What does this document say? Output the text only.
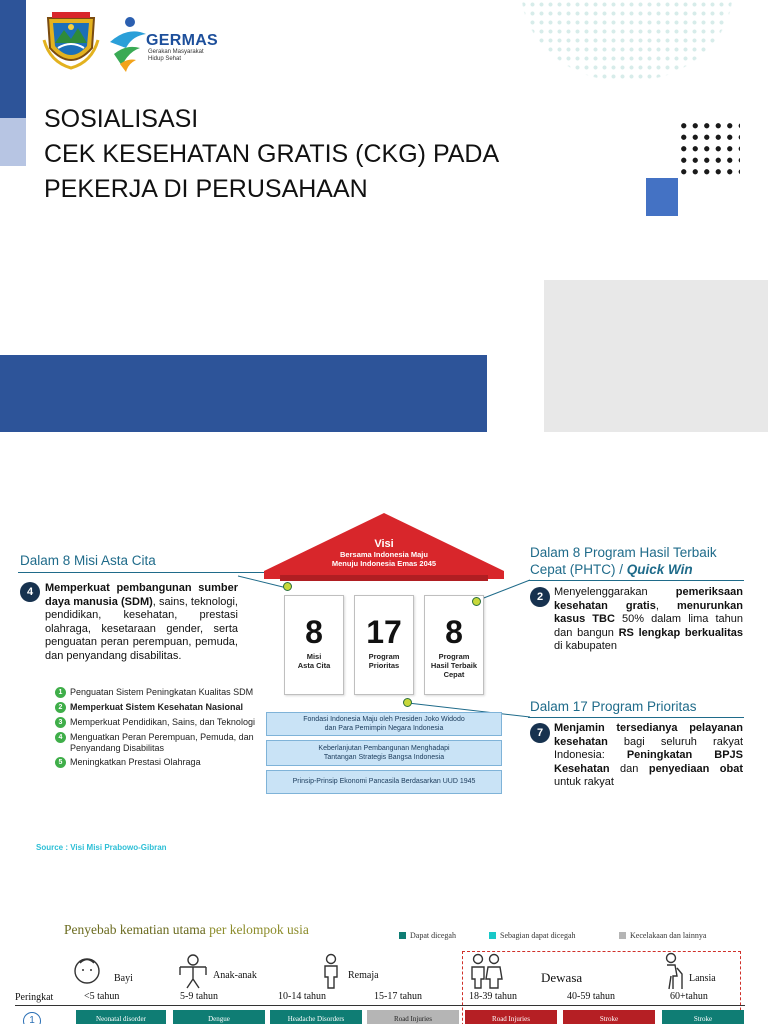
GERMAS
Gerakan Masyarakat
Hidup Sehat
SOSIALISASI
CEK KESEHATAN GRATIS (CKG) PADA
PEKERJA DI PERUSAHAAN
Dalam 8 Misi Asta Cita
4	Memperkuat pembangunan sumber daya manusia (SDM), sains, teknologi, pendidikan, kesehatan, prestasi olahraga, kesetaraan gender, serta penguatan peran perempuan, pemuda, dan penyandang disabilitas.
1 Penguatan Sistem Peningkatan Kualitas SDM
2 Memperkuat Sistem Kesehatan Nasional
3 Memperkuat Pendidikan, Sains, dan Teknologi
4 Menguatkan Peran Perempuan, Pemuda, dan Penyandang Disabilitas
5 Meningkatkan Prestasi Olahraga
Source : Visi Misi Prabowo-Gibran
Visi
Bersama Indonesia Maju
Menuju Indonesia Emas 2045
8
Misi
Asta Cita
17
Program
Prioritas
8
Program
Hasil Terbaik
Cepat
Fondasi Indonesia Maju oleh Presiden Joko Widodo
dan Para Pemimpin Negara Indonesia
Keberlanjutan Pembangunan Menghadapi
Tantangan Strategis Bangsa Indonesia
Prinsip-Prinsip Ekonomi Pancasila Berdasarkan UUD 1945
Dalam 8 Program Hasil Terbaik
Cepat (PHTC) / Quick Win
2 Menyelenggarakan pemeriksaan kesehatan gratis, menurunkan kasus TBC 50% dalam lima tahun dan bangun RS lengkap berkualitas di kabupaten
Dalam 17 Program Prioritas
7 Menjamin tersedianya pelayanan kesehatan bagi seluruh rakyat Indonesia: Peningkatan BPJS Kesehatan dan penyediaan obat untuk rakyat
Penyebab kematian utama per kelompok usia	Dapat dicegah	Sebagian dapat dicegah	Kecelakaan dan lainnya
Bayi	Anak-anak	Remaja	Dewasa	Lansia
Peringkat	<5 tahun	5-9 tahun	10-14 tahun	15-17 tahun	18-39 tahun	40-59 tahun	60+tahun
1	Neonatal disorder	Dengue	Headache Disorders	Road Injuries	Road Injuries	Stroke	Stroke
